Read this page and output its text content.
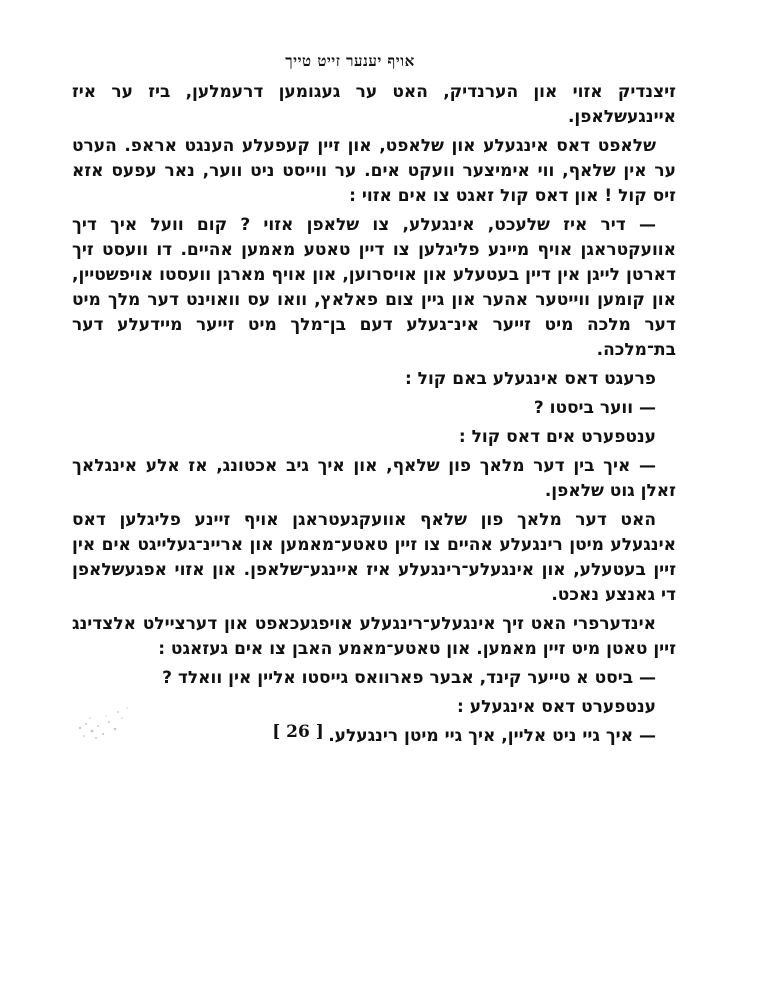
אויף יענער זייט טייך

זיצנדיק אזוי און הערנדיק, האט ער געגומען דרעמלען, ביז ער איז איינגעשלאפן.

שלאפט דאס אינגעלע און שלאפט, און זיין קעפעלע הענגט אראפ. הערט ער אין שלאף, ווי אימיצער וועקט אים. ער ווייסט ניט ווער, נאר עפעס אזא זיס קול ! און דאס קול זאגט צו אים אזוי :

— דיר איז שלעכט, אינגעלע, צו שלאפן אזוי ? קום וועל איך דיך אוועקטראגן אויף מיינע פליגלען צו דיין טאטע מאמען אהיים. דו וועסט זיך דארטן לייגן אין דיין בעטעלע און אויסרוען, און אויף מארגן וועסטו אויפשטיין, און קומען ווייטער אהער און גיין צום פאלאץ, וואו עס וואוינט דער מלך מיט דער מלכה מיט זייער אינ־געלע דעם בן־מלך מיט זייער מיידעלע דער בת־מלכה.

פרעגט דאס אינגעלע באם קול :

— ווער ביסטו ?

ענטפערט אים דאס קול :

— איך בין דער מלאך פון שלאף, און איך גיב אכטונג, אז אלע אינגלאך זאלן גוט שלאפן.

האט דער מלאך פון שלאף אוועקגעטראגן אויף זיינע פליגלען דאס אינגעלע מיטן רינגעלע אהיים צו זיין טאטע־מאמען און אריינ־געלייגט אים אין זיין בעטעלע, און אינגעלע־רינגעלע איז איינגע־שלאפן. און אזוי אפגעשלאפן די גאנצע נאכט.

אינדערפרי האט זיך אינגעלע־רינגעלע אויפגעכאפט און דערציילט אלצדינג זיין טאטן מיט זיין מאמען. און טאטע־מאמע האבן צו אים געזאגט :

— ביסט א טייער קינד, אבער פארוואס גייסטו אליין אין וואלד ?

ענטפערט דאס אינגעלע :

— איך גיי ניט אליין, איך גיי מיטן רינגעלע.

[ 26 ]
